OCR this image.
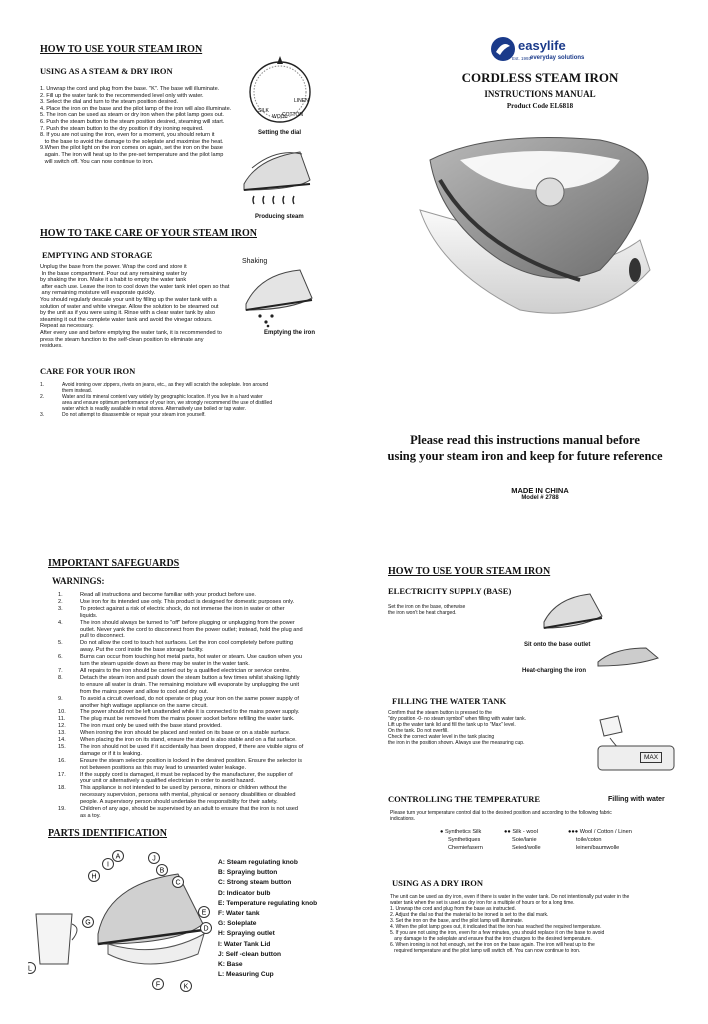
HOW TO USE YOUR STEAM IRON
USING AS A STEAM & DRY IRON
1. Unwrap the cord and plug from the base. "K". The base will illuminate.
2. Fill up the water tank to the recommended level only with water.
3. Select the dial and turn to the steam position desired.
4. Place the iron on the base and the pilot lamp of the iron will also illuminate.
5. The iron can be used as steam or dry iron when the pilot lamp goes out.
6. Push the steam button to the steam position desired, steaming will start.
7. Push the steam button to the dry position if dry ironing required.
8. If you are not using the iron, even for a moment, you should return it
to the base to avoid the damage to the soleplate and maximise the heat.
9.When the pilot light on the iron comes on again, set the iron on the base
again. The iron will heat up to the pre-set temperature and the pilot lamp
will switch off. You can now continue to iron.
SILK
WOOL
COTTON
LINEN
Setting the dial
Producing steam
HOW TO TAKE CARE OF YOUR STEAM IRON
EMPTYING AND STORAGE
Unplug the base from the power. Wrap the cord and store it
In the base compartment. Pour out any remaining water by
by shaking the iron. Make it a habit to empty the water tank
after each use. Leave the iron to cool down the water tank inlet open so that
any remaining moisture will evaporate quickly.
You should regularly descale your unit by filling up the water tank with a
solution of water and white vinegar. Allow the solution to be steamed out
by the unit as if you were using it. Rinse with a clear water tank by also
steaming it out the complete water tank and avoid the vinegar odours.
Repeat as necessary.
After every use and before emptying the water tank, it is recommended to
press the steam function to the self-clean position to eliminate any
residues.
Shaking
Emptying the iron
CARE FOR YOUR IRON
1.	Avoid ironing over zippers, rivets on jeans, etc., as they will scratch the soleplate. Iron around
them instead.
2.	Water and its mineral content vary widely by geographic location. If you live in a hard water
area and ensure optimum performance of your iron, we strongly recommend the use of distilled
water which is readily available in retail stores. Alternatively use boiled or tap water.
3.	Do not attempt to disassemble or repair your steam iron yourself.
easylife
Est. 1993
everyday solutions
CORDLESS STEAM IRON
INSTRUCTIONS MANUAL
Product Code EL6818
Please read this instructions manual before
using your steam iron and keep for future reference
MADE IN CHINA
Model # 2788
IMPORTANT SAFEGUARDS
WARNINGS:
1.	Read all instructions and become familiar with your product before use.
2.	Use iron for its intended use only. This product is designed for domestic purposes only.
3.	To protect against a risk of electric shock, do not immerse the iron in water or other
liquids.
4.	The iron should always be turned to "off" before plugging or unplugging from the power
outlet. Never yank the cord to disconnect from the power outlet; instead, hold the plug and
pull to disconnect.
5.	Do not allow the cord to touch hot surfaces. Let the iron cool completely before putting
away. Put the cord inside the base storage facility.
6.	Burns can occur from touching hot metal parts, hot water or steam. Use caution when you
turn the steam upside down as there may be water in the water tank.
7.	All repairs to the iron should be carried out by a qualified electrician or service centre.
8.	Detach the steam iron and push down the steam button a few times whilst shaking lightly
to ensure all water is drain. The remaining moisture will evaporate by unplugging the unit
from the mains power and allow to cool and dry out.
9.	To avoid a circuit overload, do not operate or plug your iron on the same power supply of
another high wattage appliance on the same circuit.
10.	The power should not be left unattended while it is connected to the mains power supply.
11.	The plug must be removed from the mains power socket before refilling the water tank.
12.	The iron must only be used with the base stand provided.
13.	When ironing the iron should be placed and rested on its base or on a stable surface.
14.	When placing the iron on its stand, ensure the stand is also stable and on a flat surface.
15.	The iron should not be used if it accidentally has been dropped, if there are visible signs of
damage or if it is leaking.
16.	Ensure the steam selector position is locked in the desired position. Ensure the selector is
not between positions as this may lead to unwanted water leakage.
17.	If the supply cord is damaged, it must be replaced by the manufacturer, the supplier of
your unit or alternatively a qualified electrician in order to avoid hazard.
18.	This appliance is not intended to be used by persons, minors or children without the
necessary supervision, persons with mental, physical or sensory disabilities or disabled
people. A supervisory person should undertake the responsibility for their safety.
19.	Children of any age, should be supervised by an adult to ensure that the iron is not used
as a toy.
PARTS IDENTIFICATION
A
B
C
D
E
F
G
H
I
J
K
L
A: Steam regulating knob
B: Spraying button
C: Strong steam button
D: Indicator bulb
E: Temperature regulating knob
F: Water tank
G: Soleplate
H: Spraying outlet
I: Water Tank Lid
J: Self -clean button
K: Base
L: Measuring Cup
HOW TO USE YOUR STEAM IRON
ELECTRICITY SUPPLY (BASE)
Set the iron on the base, otherwise
the iron won't be heat charged.
Sit onto the base outlet
Heat-charging the iron
FILLING THE WATER TANK
Confirm that the steam button is pressed to the
"dry position -0- no steam symbol" when filling with water tank.
Lift up the water tank lid and fill the tank up to "Max" level.
On the tank. Do not overfill.
Check the correct water level in the tank placing
the iron in the position shown. Always use the measuring cup.
MAX
Filling with water
CONTROLLING THE TEMPERATURE
Please turn your temperature control dial to the desired position and according to the following fabric
indications.
● Synthetics Silk
Synthetiques
Chemiefasern
●● Silk - wool
Soie/lanie
Seied/wolle
●●● Wool / Cotton / Linen
toile/coton
leinen/baumwolle
USING AS A DRY IRON
The unit can be used as dry iron, even if there is water in the water tank. Do not intentionally put water in the
water tank when the set is used as dry iron for a multiple of hours or for a long time.
1. Unwrap the cord and plug from the base as instructed.
2. Adjust the dial so that the material to be ironed is set to the dial mark.
3. Set the iron on the base, and the pilot lamp will illuminate.
4. When the pilot lamp goes out, it indicated that the iron has reached the required temperature.
5. If you are not using the iron, even for a few minutes, you should replace it on the base to avoid
any damage to the soleplate and ensure that the iron charges to the desired temperature.
6. When ironing is not hot enough, set the iron on the base again. The iron will heat up to the
required temperature and the pilot lamp will switch off. You can now continue to iron.
